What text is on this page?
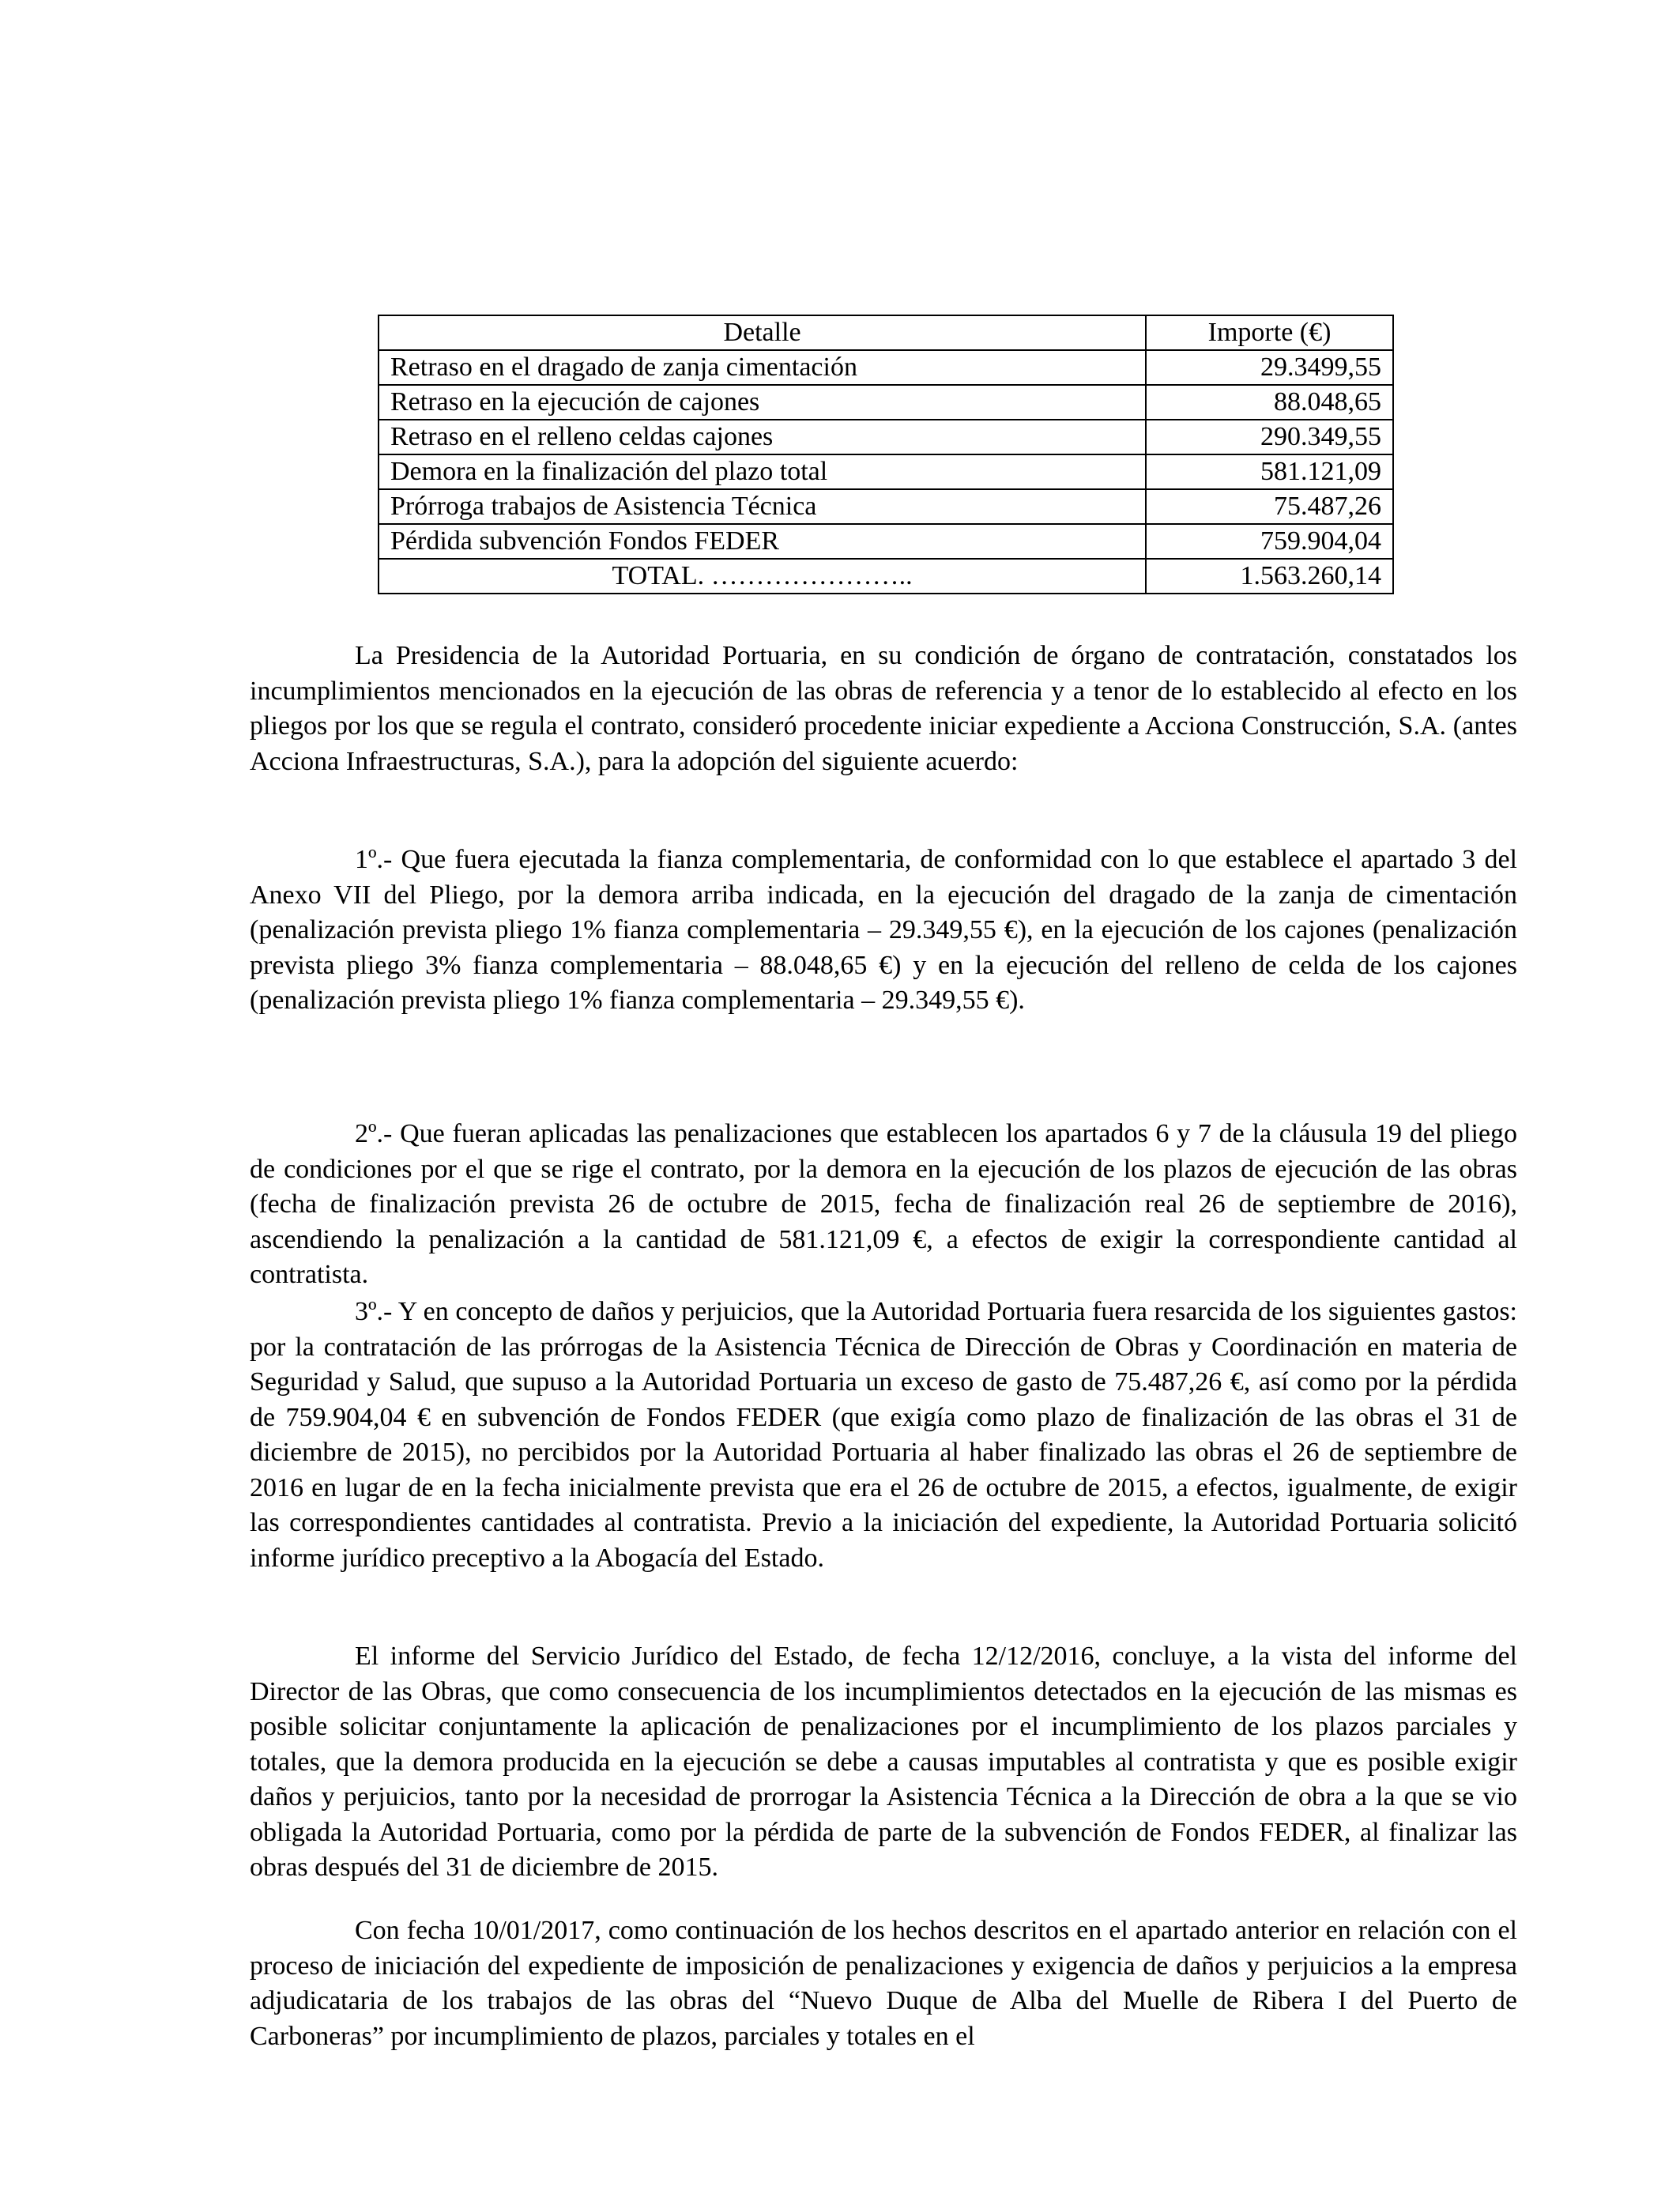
Detalle	Importe (€)
Retraso en el dragado de zanja cimentación	29.3499,55
Retraso en la ejecución de cajones	88.048,65
Retraso en el relleno celdas cajones	290.349,55
Demora en la finalización del plazo total	581.121,09
Prórroga trabajos de Asistencia Técnica	75.487,26
Pérdida subvención Fondos FEDER	759.904,04
TOTAL. …………………..	1.563.260,14

La Presidencia de la Autoridad Portuaria, en su condición de órgano de contratación, constatados los incumplimientos mencionados en la ejecución de las obras de referencia y a tenor de lo establecido al efecto en los pliegos por los que se regula el contrato, consideró procedente iniciar expediente a Acciona Construcción, S.A. (antes Acciona Infraestructuras, S.A.), para la adopción del siguiente acuerdo:

1º.- Que fuera ejecutada la fianza complementaria, de conformidad con lo que establece el apartado 3 del Anexo VII del Pliego, por la demora arriba indicada, en la ejecución del dragado de la zanja de cimentación (penalización prevista pliego 1% fianza complementaria – 29.349,55 €), en la ejecución de los cajones (penalización prevista pliego 3% fianza complementaria – 88.048,65 €) y en la ejecución del relleno de celda de los cajones (penalización prevista pliego 1% fianza complementaria – 29.349,55 €).

2º.- Que fueran aplicadas las penalizaciones que establecen los apartados 6 y 7 de la cláusula 19 del pliego de condiciones por el que se rige el contrato, por la demora en la ejecución de los plazos de ejecución de las obras (fecha de finalización prevista 26 de octubre de 2015, fecha de finalización real 26 de septiembre de 2016), ascendiendo la penalización a la cantidad de 581.121,09 €, a efectos de exigir la correspondiente cantidad al contratista.

3º.- Y en concepto de daños y perjuicios, que la Autoridad Portuaria fuera resarcida de los siguientes gastos: por la contratación de las prórrogas de la Asistencia Técnica de Dirección de Obras y Coordinación en materia de Seguridad y Salud, que supuso a la Autoridad Portuaria un exceso de gasto de 75.487,26 €, así como por la pérdida de 759.904,04 € en subvención de Fondos FEDER (que exigía como plazo de finalización de las obras el 31 de diciembre de 2015), no percibidos por la Autoridad Portuaria al haber finalizado las obras el 26 de septiembre de 2016 en lugar de en la fecha inicialmente prevista que era el 26 de octubre de 2015, a efectos, igualmente, de exigir las correspondientes cantidades al contratista. Previo a la iniciación del expediente, la Autoridad Portuaria solicitó informe jurídico preceptivo a la Abogacía del Estado.

El informe del Servicio Jurídico del Estado, de fecha 12/12/2016, concluye, a la vista del informe del Director de las Obras, que como consecuencia de los incumplimientos detectados en la ejecución de las mismas es posible solicitar conjuntamente la aplicación de penalizaciones por el incumplimiento de los plazos parciales y totales, que la demora producida en la ejecución se debe a causas imputables al contratista y que es posible exigir daños y perjuicios, tanto por la necesidad de prorrogar la Asistencia Técnica a la Dirección de obra a la que se vio obligada la Autoridad Portuaria, como por la pérdida de parte de la subvención de Fondos FEDER, al finalizar las obras después del 31 de diciembre de 2015.

Con fecha 10/01/2017, como continuación de los hechos descritos en el apartado anterior en relación con el proceso de iniciación del expediente de imposición de penalizaciones y exigencia de daños y perjuicios a la empresa adjudicataria de los trabajos de las obras del “Nuevo Duque de Alba del Muelle de Ribera I del Puerto de Carboneras” por incumplimiento de plazos, parciales y totales en el
